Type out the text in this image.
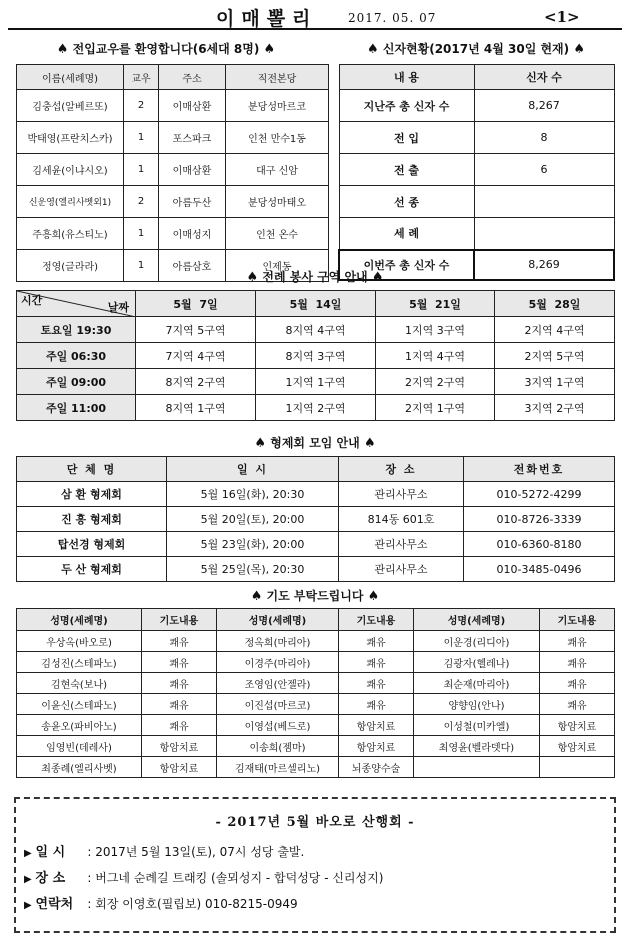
이매뽈리	2017. 05. 07	<1>
♠ 전입교우를 환영합니다(6세대 8명) ♠
이름(세례명)	교우	주소	직전본당
김충섭(알베르또)	2	이매삼환	분당성마르코
박태영(프란치스카)	1	포스파크	인천 만수1동
김세윤(이냐시오)	1	이매삼환	대구 신암
신운영(엘리사벳외1)	2	아름두산	분당성마태오
주흥희(유스티노)	1	이매성지	인천 온수
정영(글라라)	1	아름삼호	인제동
♠ 신자현황(2017년 4월 30일 현재) ♠
내 용	신자 수
지난주 총 신자 수	8,267
전 입	8
전 출	6
선 종	
세 례	
이번주 총 신자 수	8,269
♠ 전례 봉사 구역 안내 ♠
시간
날짜	5월  7일	5월  14일	5월  21일	5월  28일
토요일 19:30	7지역 5구역	8지역 4구역	1지역 3구역	2지역 4구역
주일 06:30	7지역 4구역	8지역 3구역	1지역 4구역	2지역 5구역
주일 09:00	8지역 2구역	1지역 1구역	2지역 2구역	3지역 1구역
주일 11:00	8지역 1구역	1지역 2구역	2지역 1구역	3지역 2구역
♠ 형제회 모임 안내 ♠
단 체 명	일 시	장 소	전화번호
삼 환 형제회	5월 16일(화), 20:30	관리사무소	010-5272-4299
진 흥 형제회	5월 20일(토), 20:00	814동 601호	010-8726-3339
탑선경 형제회	5월 23일(화), 20:00	관리사무소	010-6360-8180
두 산 형제회	5월 25일(목), 20:30	관리사무소	010-3485-0496
♠ 기도 부탁드립니다 ♠
성명(세례명)	기도내용	성명(세례명)	기도내용	성명(세례명)	기도내용
우상옥(바오로)	쾌유	정옥희(마리아)	쾌유	이운경(리디아)	쾌유
김성진(스테파노)	쾌유	이경주(마리아)	쾌유	김광자(헬레나)	쾌유
김현숙(보나)	쾌유	조영임(안젤라)	쾌유	최순재(마리아)	쾌유
이윤신(스테파노)	쾌유	이진섭(마르코)	쾌유	양향임(안나)	쾌유
송윤오(파비아노)	쾌유	이영섭(베드로)	항암치료	이성철(미카엘)	항암치료
임영빈(데레사)	항암치료	이송희(젬마)	항암치료	최영윤(벨라뎃다)	항암치료
최종례(엘리사벳)	항암치료	김재태(마르셀리노)	뇌종양수술		
- 2017년 5월 바오로 산행회 -
▶ 일 시 : 2017년 5월 13일(토), 07시 성당 출발.
▶ 장 소 : 버그네 순례길 트래킹 (솔뫼성지 - 합덕성당 - 신리성지)
▶ 연락처 : 회장 이영호(필립보) 010-8215-0949
